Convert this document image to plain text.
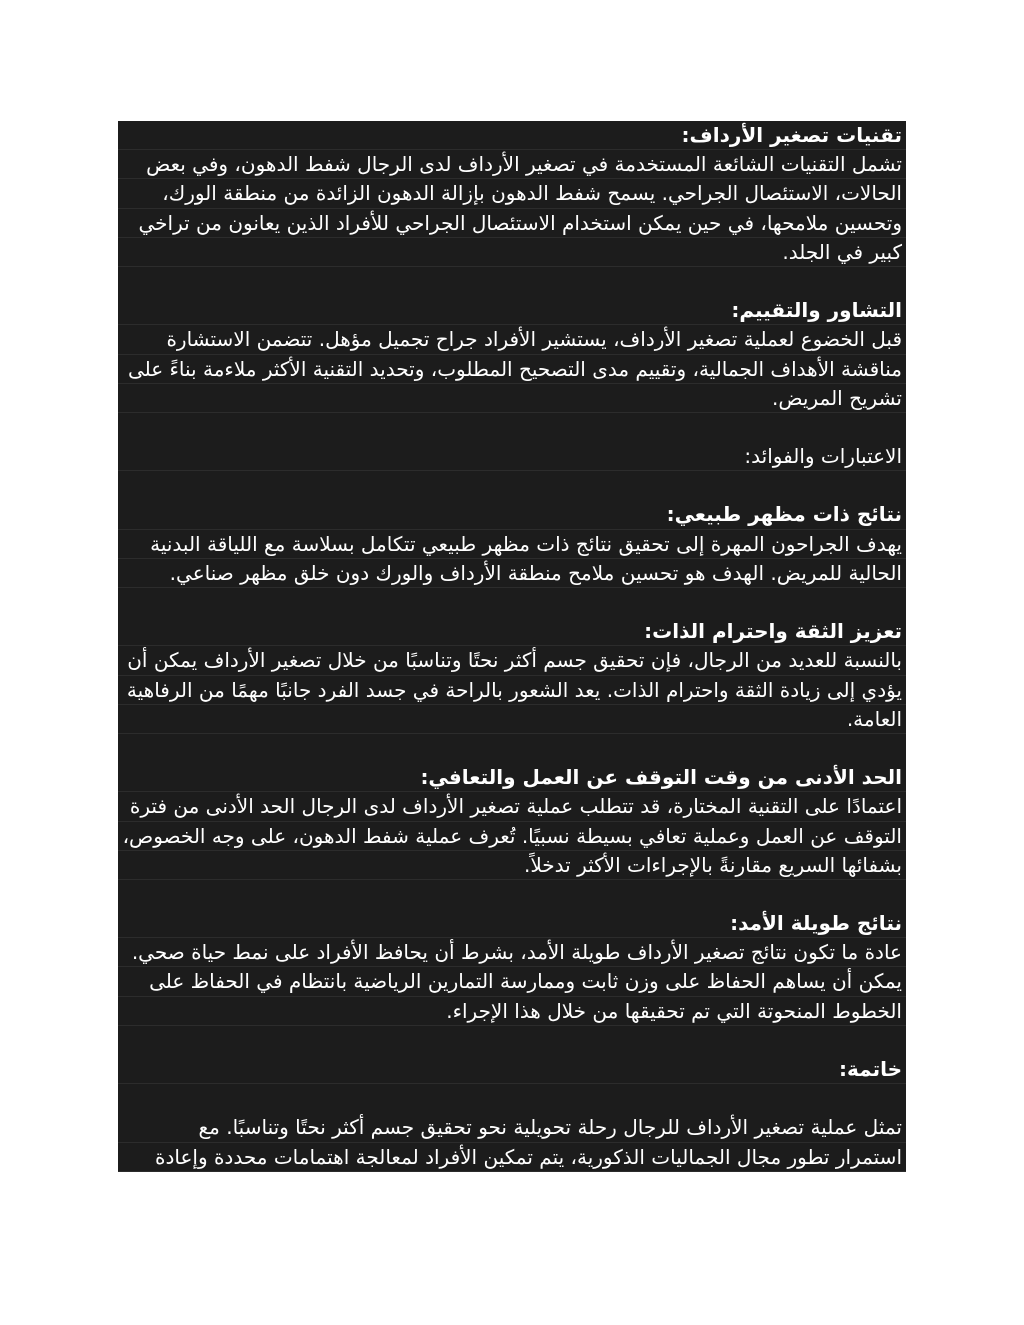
تقنيات تصغير الأرداف:
تشمل التقنيات الشائعة المستخدمة في تصغير الأرداف لدى الرجال شفط الدهون، وفي بعض
الحالات، الاستئصال الجراحي. يسمح شفط الدهون بإزالة الدهون الزائدة من منطقة الورك،
وتحسين ملامحها، في حين يمكن استخدام الاستئصال الجراحي للأفراد الذين يعانون من تراخي
كبير في الجلد.
التشاور والتقييم:
قبل الخضوع لعملية تصغير الأرداف، يستشير الأفراد جراح تجميل مؤهل. تتضمن الاستشارة
مناقشة الأهداف الجمالية، وتقييم مدى التصحيح المطلوب، وتحديد التقنية الأكثر ملاءمة بناءً على
تشريح المريض.
الاعتبارات والفوائد:
نتائج ذات مظهر طبيعي:
يهدف الجراحون المهرة إلى تحقيق نتائج ذات مظهر طبيعي تتكامل بسلاسة مع اللياقة البدنية
الحالية للمريض. الهدف هو تحسين ملامح منطقة الأرداف والورك دون خلق مظهر صناعي.
تعزيز الثقة واحترام الذات:
بالنسبة للعديد من الرجال، فإن تحقيق جسم أكثر نحتًا وتناسبًا من خلال تصغير الأرداف يمكن أن
يؤدي إلى زيادة الثقة واحترام الذات. يعد الشعور بالراحة في جسد الفرد جانبًا مهمًا من الرفاهية
العامة.
الحد الأدنى من وقت التوقف عن العمل والتعافي:
اعتمادًا على التقنية المختارة، قد تتطلب عملية تصغير الأرداف لدى الرجال الحد الأدنى من فترة
التوقف عن العمل وعملية تعافي بسيطة نسبيًا. تُعرف عملية شفط الدهون، على وجه الخصوص،
بشفائها السريع مقارنةً بالإجراءات الأكثر تدخلاً.
نتائج طويلة الأمد:
عادة ما تكون نتائج تصغير الأرداف طويلة الأمد، بشرط أن يحافظ الأفراد على نمط حياة صحي.
يمكن أن يساهم الحفاظ على وزن ثابت وممارسة التمارين الرياضية بانتظام في الحفاظ على
الخطوط المنحوتة التي تم تحقيقها من خلال هذا الإجراء.
خاتمة:
تمثل عملية تصغير الأرداف للرجال رحلة تحويلية نحو تحقيق جسم أكثر نحتًا وتناسبًا. مع
استمرار تطور مجال الجماليات الذكورية، يتم تمكين الأفراد لمعالجة اهتمامات محددة وإعادة
تعريف أجسادهم وفقًا لمثلهم الجمالية. إن استشارة جراح تجميل مؤهل ومناقشة الأهداف بشكل
